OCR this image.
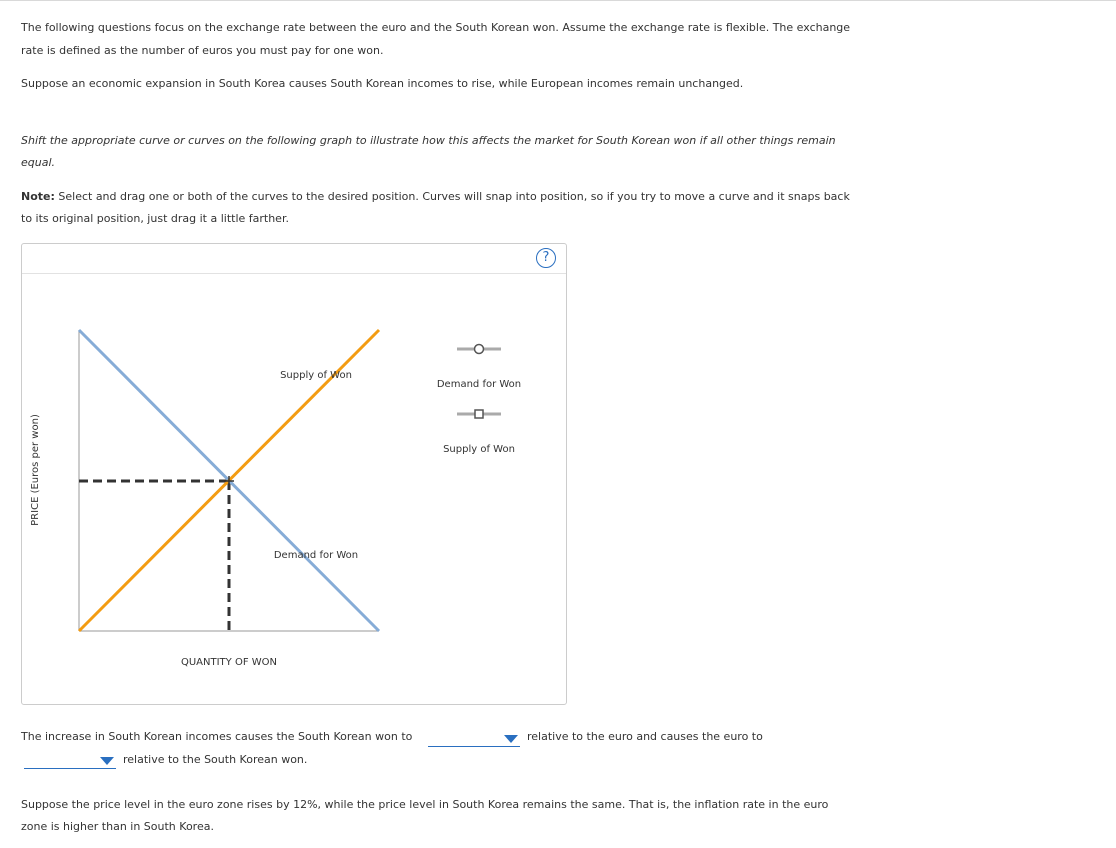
The following questions focus on the exchange rate between the euro and the South Korean won. Assume the exchange rate is flexible. The exchange

rate is defined as the number of euros you must pay for one won.

Suppose an economic expansion in South Korea causes South Korean incomes to rise, while European incomes remain unchanged.

Shift the appropriate curve or curves on the following graph to illustrate how this affects the market for South Korean won if all other things remain

equal.

Note: Select and drag one or both of the curves to the desired position. Curves will snap into position, so if you try to move a curve and it snaps back

to its original position, just drag it a little farther.

?
PRICE (Euros per won)
QUANTITY OF WON
Supply of Won
Demand for Won
Demand for Won
Supply of Won
The increase in South Korean incomes causes the South Korean won to	relative to the euro and causes the euro to
relative to the South Korean won.

Suppose the price level in the euro zone rises by 12%, while the price level in South Korea remains the same. That is, the inflation rate in the euro

zone is higher than in South Korea.
